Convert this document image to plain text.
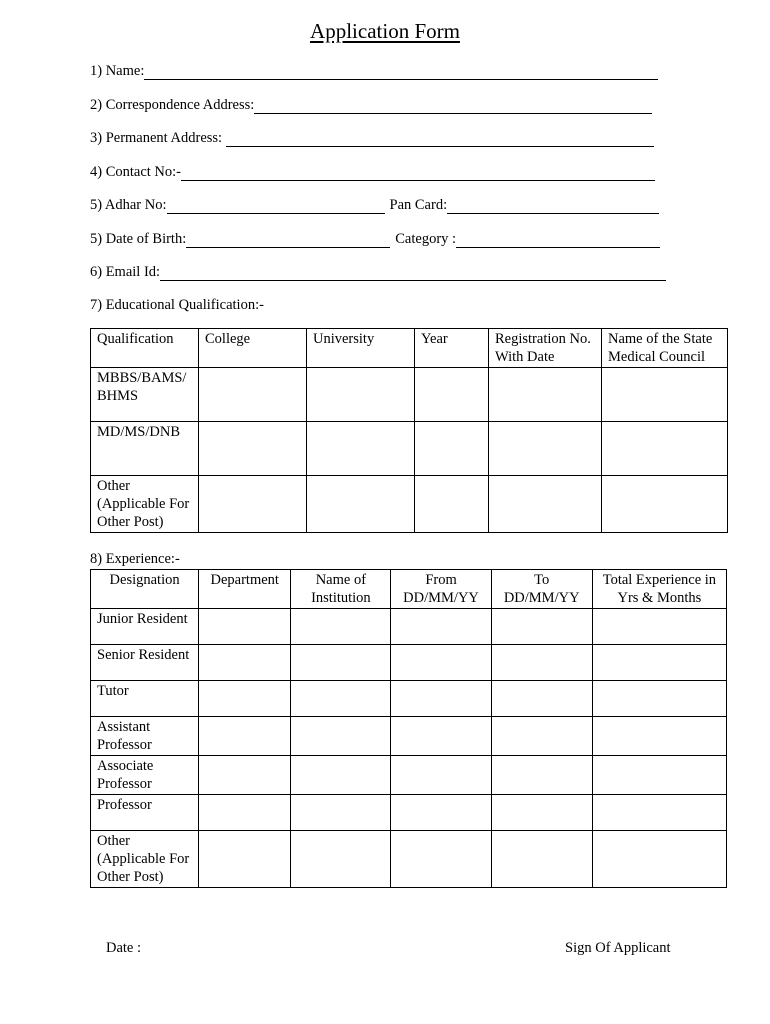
Application Form
1) Name:
2) Correspondence Address:
3) Permanent Address:
4) Contact No:-
5) Adhar No:	Pan Card:
5) Date of Birth:	Category :
6) Email Id:
7) Educational Qualification:-
Qualification	College	University	Year	Registration No. With Date	Name of the State Medical Council
MBBS/BAMS/ BHMS					
MD/MS/DNB					
Other (Applicable For Other Post)					
8) Experience:-
Designation	Department	Name of Institution	From DD/MM/YY	To DD/MM/YY	Total Experience in Yrs & Months
Junior Resident					
Senior Resident					
Tutor					
Assistant Professor					
Associate Professor					
Professor					
Other (Applicable For Other Post)					
Date :	Sign Of Applicant
